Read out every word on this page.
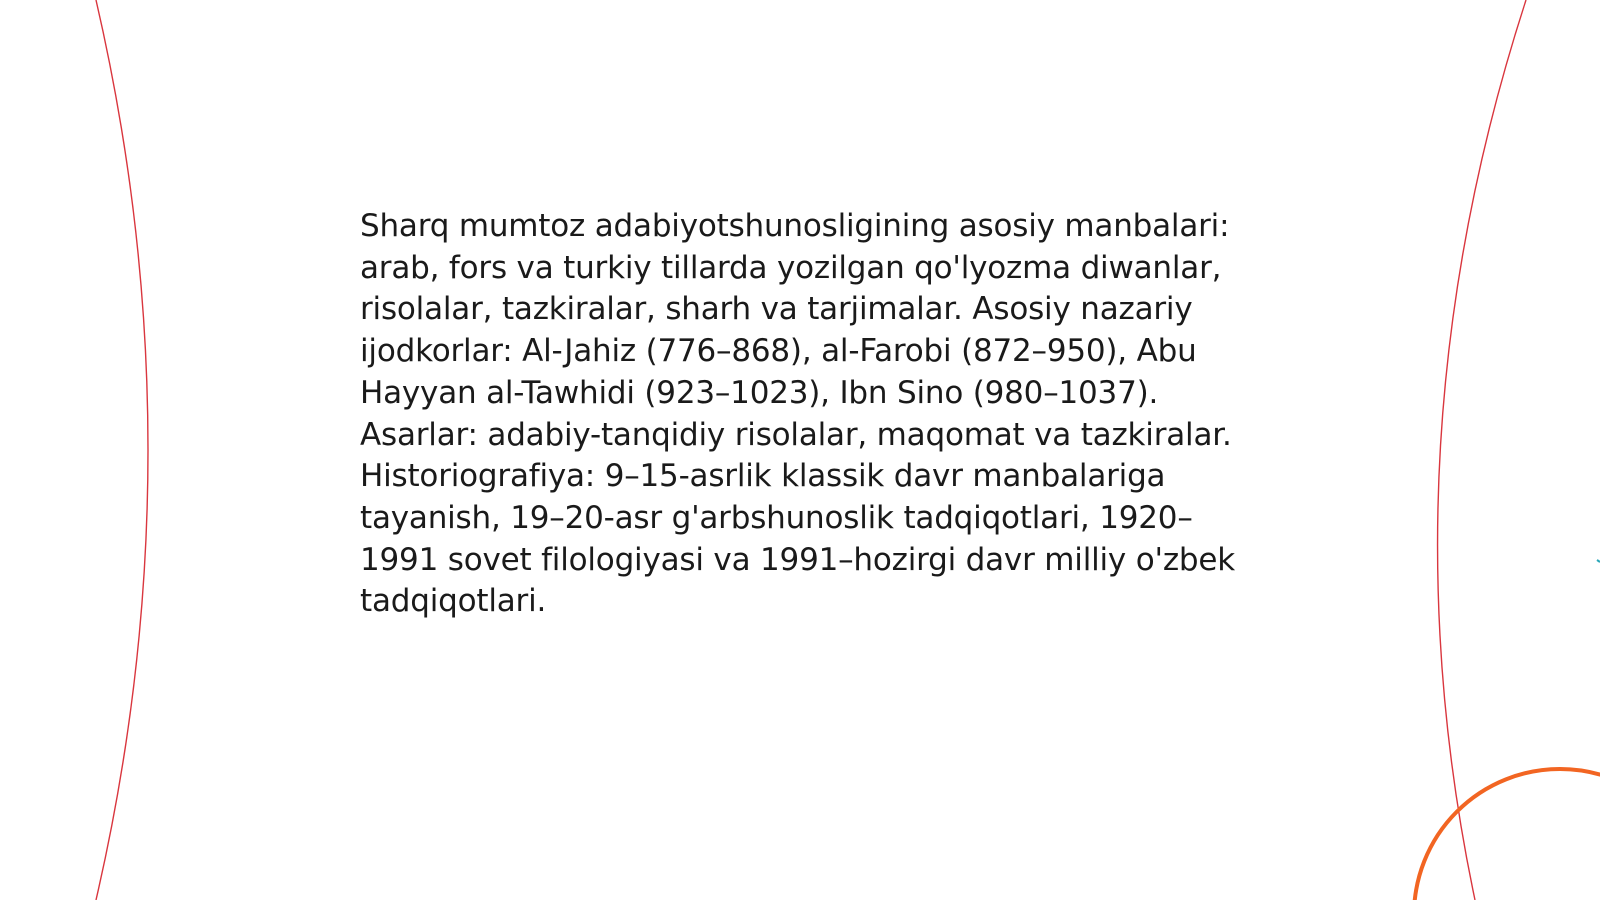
Sharq mumtoz adabiyotshunosligining asosiy manbalari: arab, fors va turkiy tillarda yozilgan qo'lyozma diwanlar, risolalar, tazkiralar, sharh va tarjimalar. Asosiy nazariy ijodkorlar: Al-Jahiz (776–868), al-Farobi (872–950), Abu Hayyan al-Tawhidi (923–1023), Ibn Sino (980–1037). Asarlar: adabiy-tanqidiy risolalar, maqomat va tazkiralar. Historiografiya: 9–15-asrlik klassik davr manbalariga tayanish, 19–20-asr g'arbshunoslik tadqiqotlari, 1920–1991 sovet filologiyasi va 1991–hozirgi davr milliy o'zbek tadqiqotlari.
